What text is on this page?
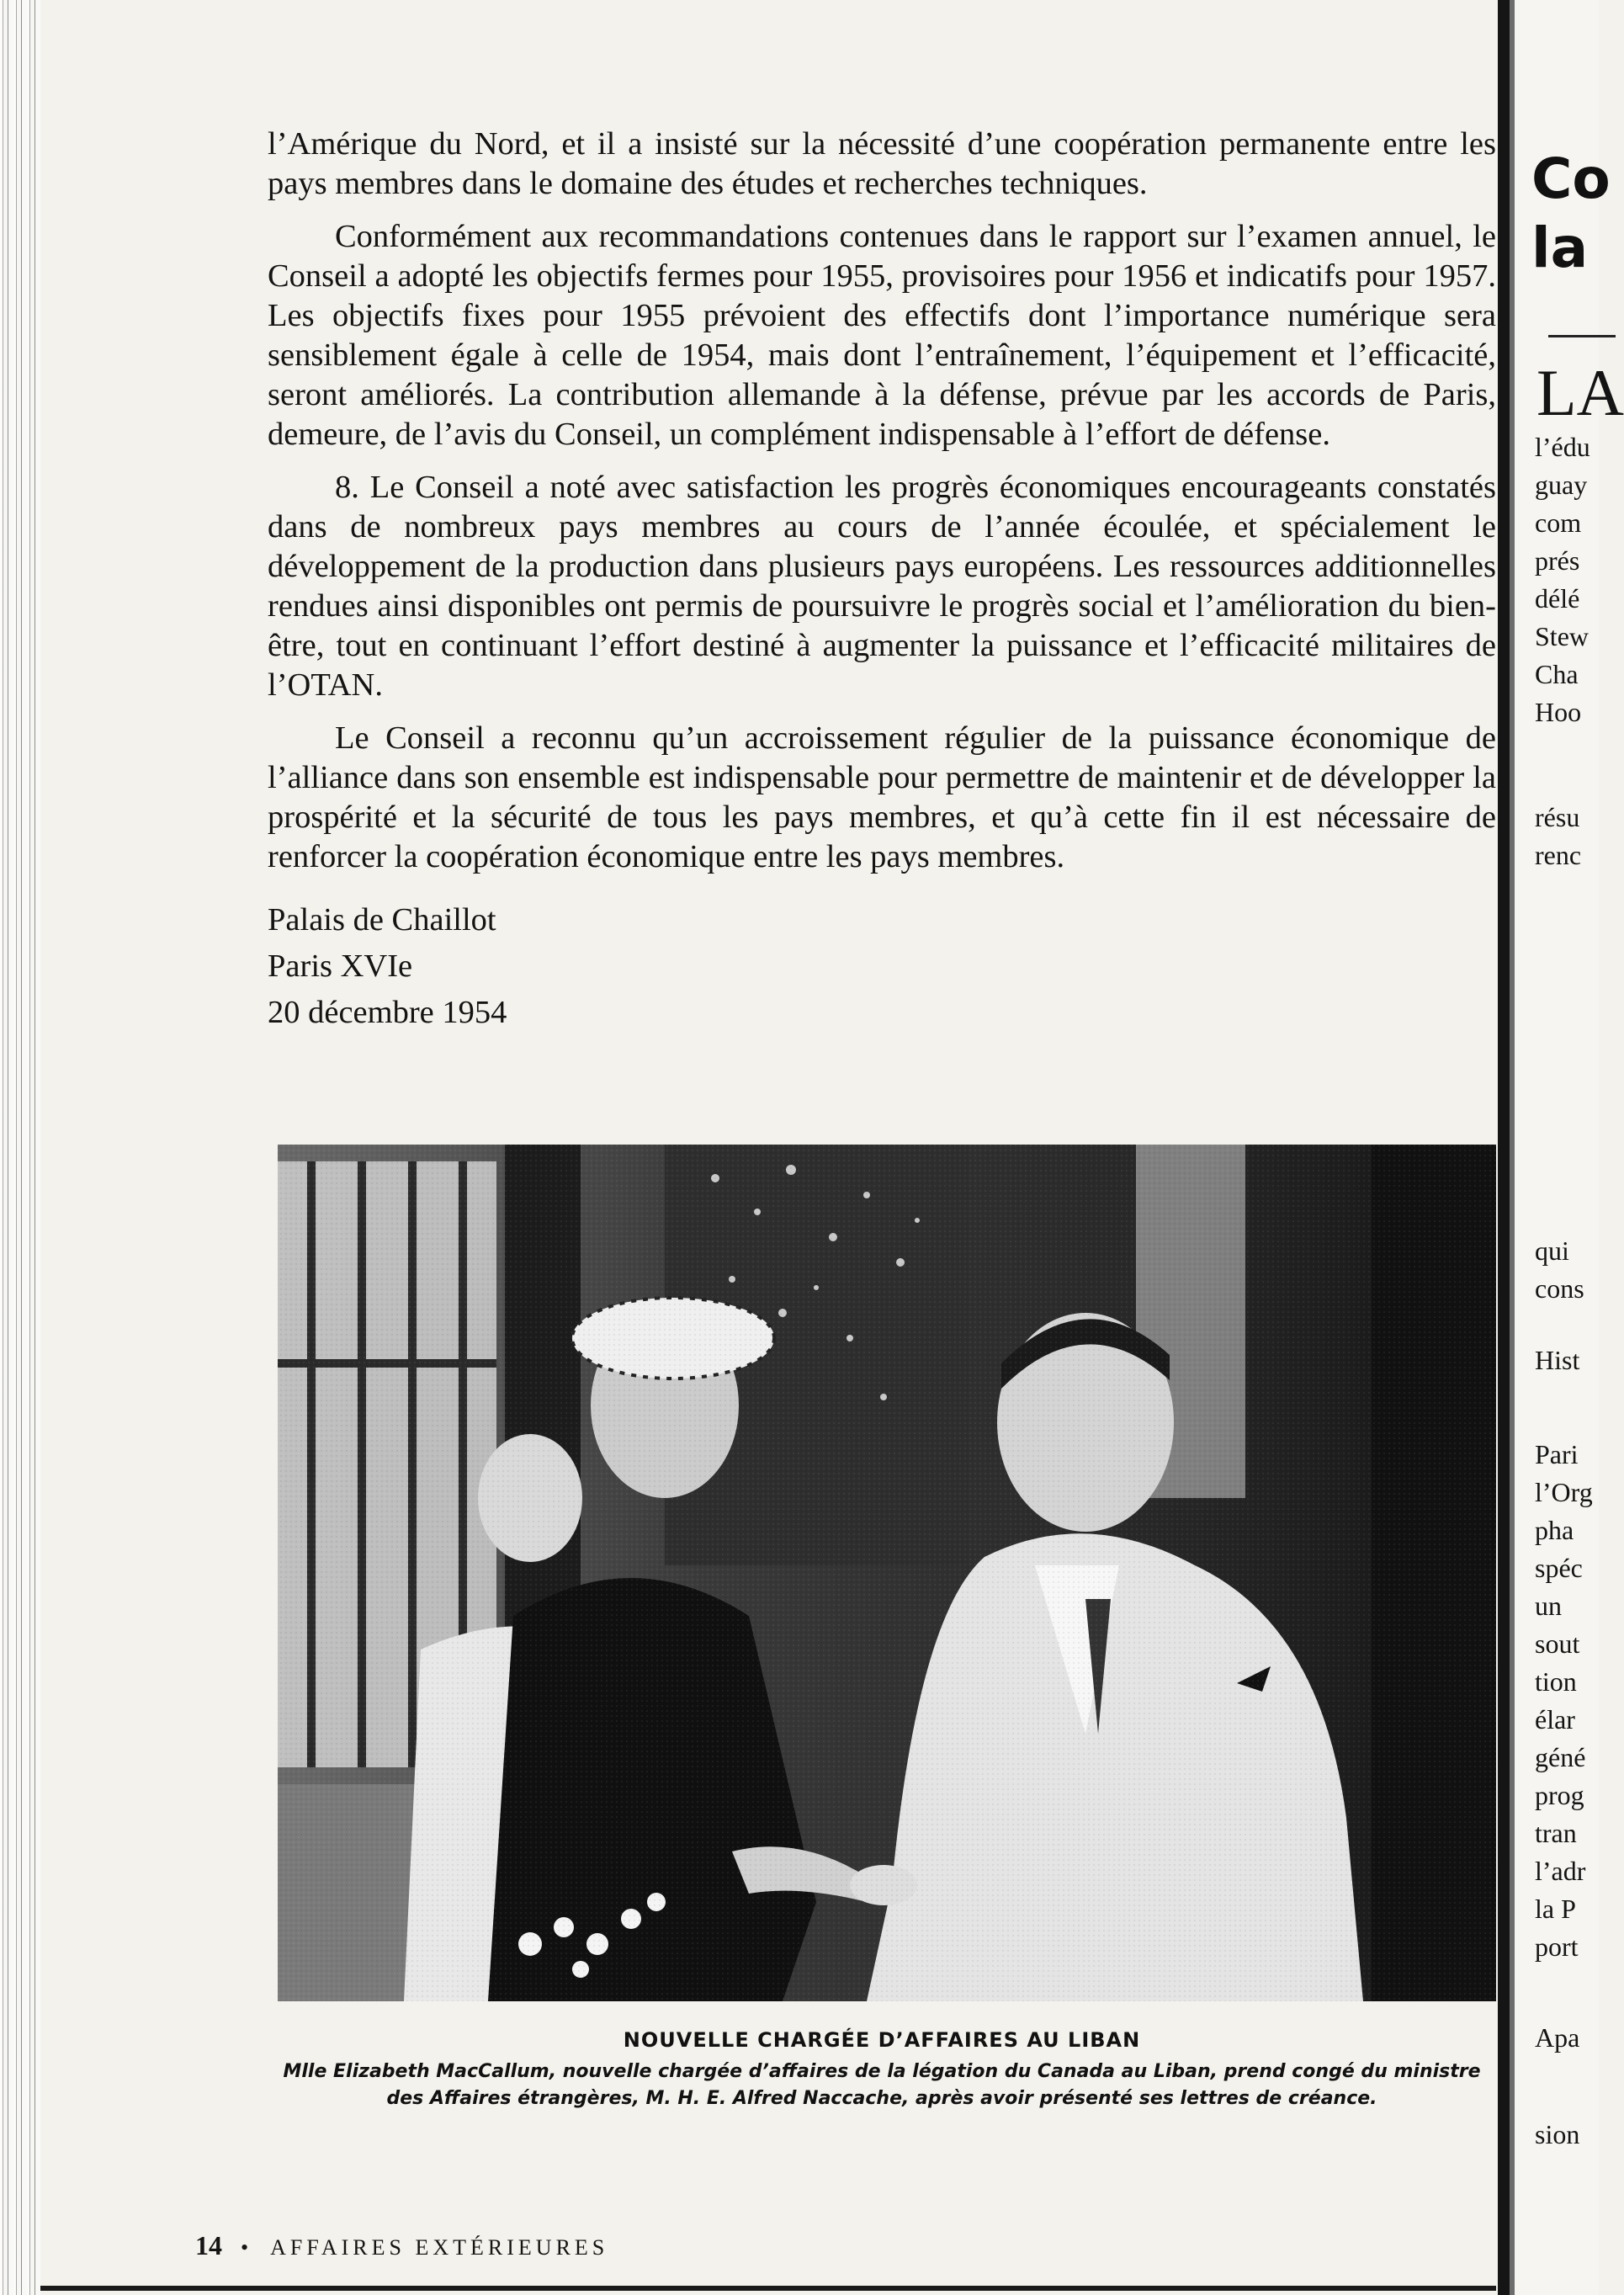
l’Amérique du Nord, et il a insisté sur la nécessité d’une coopération permanente entre les pays membres dans le domaine des études et recherches techniques.

Conformément aux recommandations contenues dans le rapport sur l’examen annuel, le Conseil a adopté les objectifs fermes pour 1955, provisoires pour 1956 et indicatifs pour 1957. Les objectifs fixes pour 1955 prévoient des effectifs dont l’importance numérique sera sensiblement égale à celle de 1954, mais dont l’entraînement, l’équipement et l’efficacité, seront améliorés. La contribution allemande à la défense, prévue par les accords de Paris, demeure, de l’avis du Conseil, un complément indispensable à l’effort de défense.

8. Le Conseil a noté avec satisfaction les progrès économiques encourageants constatés dans de nombreux pays membres au cours de l’année écoulée, et spécialement le développement de la production dans plusieurs pays européens. Les ressources additionnelles rendues ainsi disponibles ont permis de poursuivre le progrès social et l’amélioration du bien-être, tout en continuant l’effort destiné à augmenter la puissance et l’efficacité militaires de l’OTAN.

Le Conseil a reconnu qu’un accroissement régulier de la puissance économique de l’alliance dans son ensemble est indispensable pour permettre de maintenir et de développer la prospérité et la sécurité de tous les pays membres, et qu’à cette fin il est nécessaire de renforcer la coopération économique entre les pays membres.

Palais de Chaillot
Paris XVIe
20 décembre 1954
NOUVELLE CHARGÉE D’AFFAIRES AU LIBAN
Mlle Elizabeth MacCallum, nouvelle chargée d’affaires de la légation du Canada au Liban, prend congé du ministre des Affaires étrangères, M. H. E. Alfred Naccache, après avoir présenté ses lettres de créance.
14 • AFFAIRES EXTÉRIEURES
Co
la
LA
l’édu
guay
com
prés
délé
Stew
Cha
Hoo
résu
renc
qui
cons
Hist
Pari
l’Org
pha
spéc
un
sout
tion
élar
géné
prog
tran
l’adr
la P
port
Apa
sion
